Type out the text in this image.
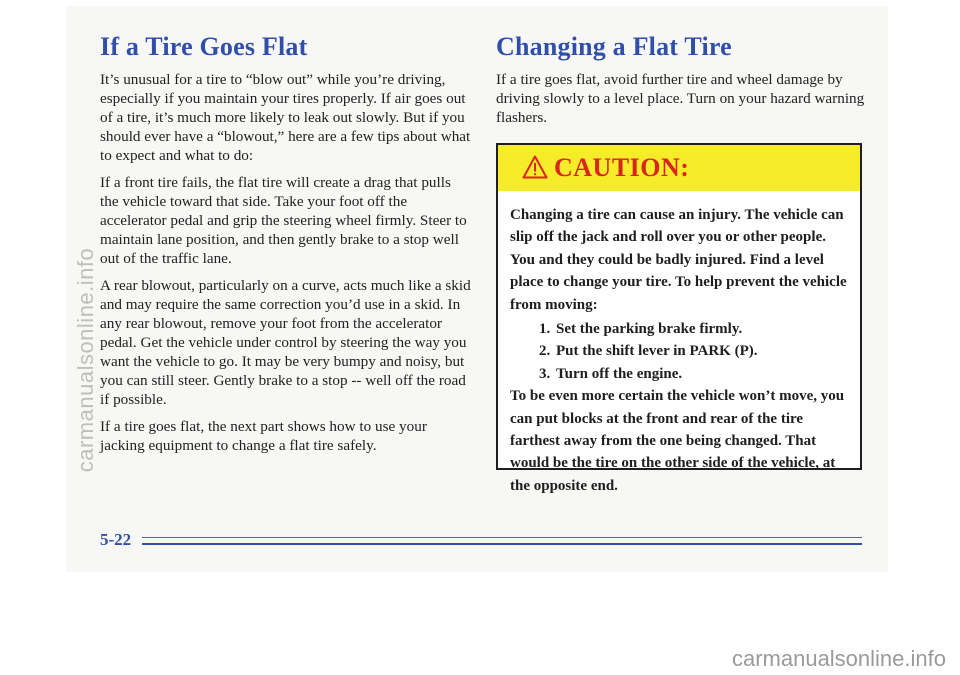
If a Tire Goes Flat

It’s unusual for a tire to “blow out” while you’re driving, especially if you maintain your tires properly. If air goes out of a tire, it’s much more likely to leak out slowly. But if you should ever have a “blowout,” here are a few tips about what to expect and what to do:

If a front tire fails, the flat tire will create a drag that pulls the vehicle toward that side. Take your foot off the accelerator pedal and grip the steering wheel firmly. Steer to maintain lane position, and then gently brake to a stop well out of the traffic lane.

A rear blowout, particularly on a curve, acts much like a skid and may require the same correction you’d use in a skid. In any rear blowout, remove your foot from the accelerator pedal. Get the vehicle under control by steering the way you want the vehicle to go. It may be very bumpy and noisy, but you can still steer. Gently brake to a stop -- well off the road if possible.

If a tire goes flat, the next part shows how to use your jacking equipment to change a flat tire safely.

Changing a Flat Tire

If a tire goes flat, avoid further tire and wheel damage by driving slowly to a level place. Turn on your hazard warning flashers.

CAUTION:

Changing a tire can cause an injury. The vehicle can slip off the jack and roll over you or other people. You and they could be badly injured. Find a level place to change your tire. To help prevent the vehicle from moving:

1. Set the parking brake firmly.
2. Put the shift lever in PARK (P).
3. Turn off the engine.

To be even more certain the vehicle won’t move, you can put blocks at the front and rear of the tire farthest away from the one being changed. That would be the tire on the other side of the vehicle, at the opposite end.

5-22
carmanualsonline.info
carmanualsonline.info
